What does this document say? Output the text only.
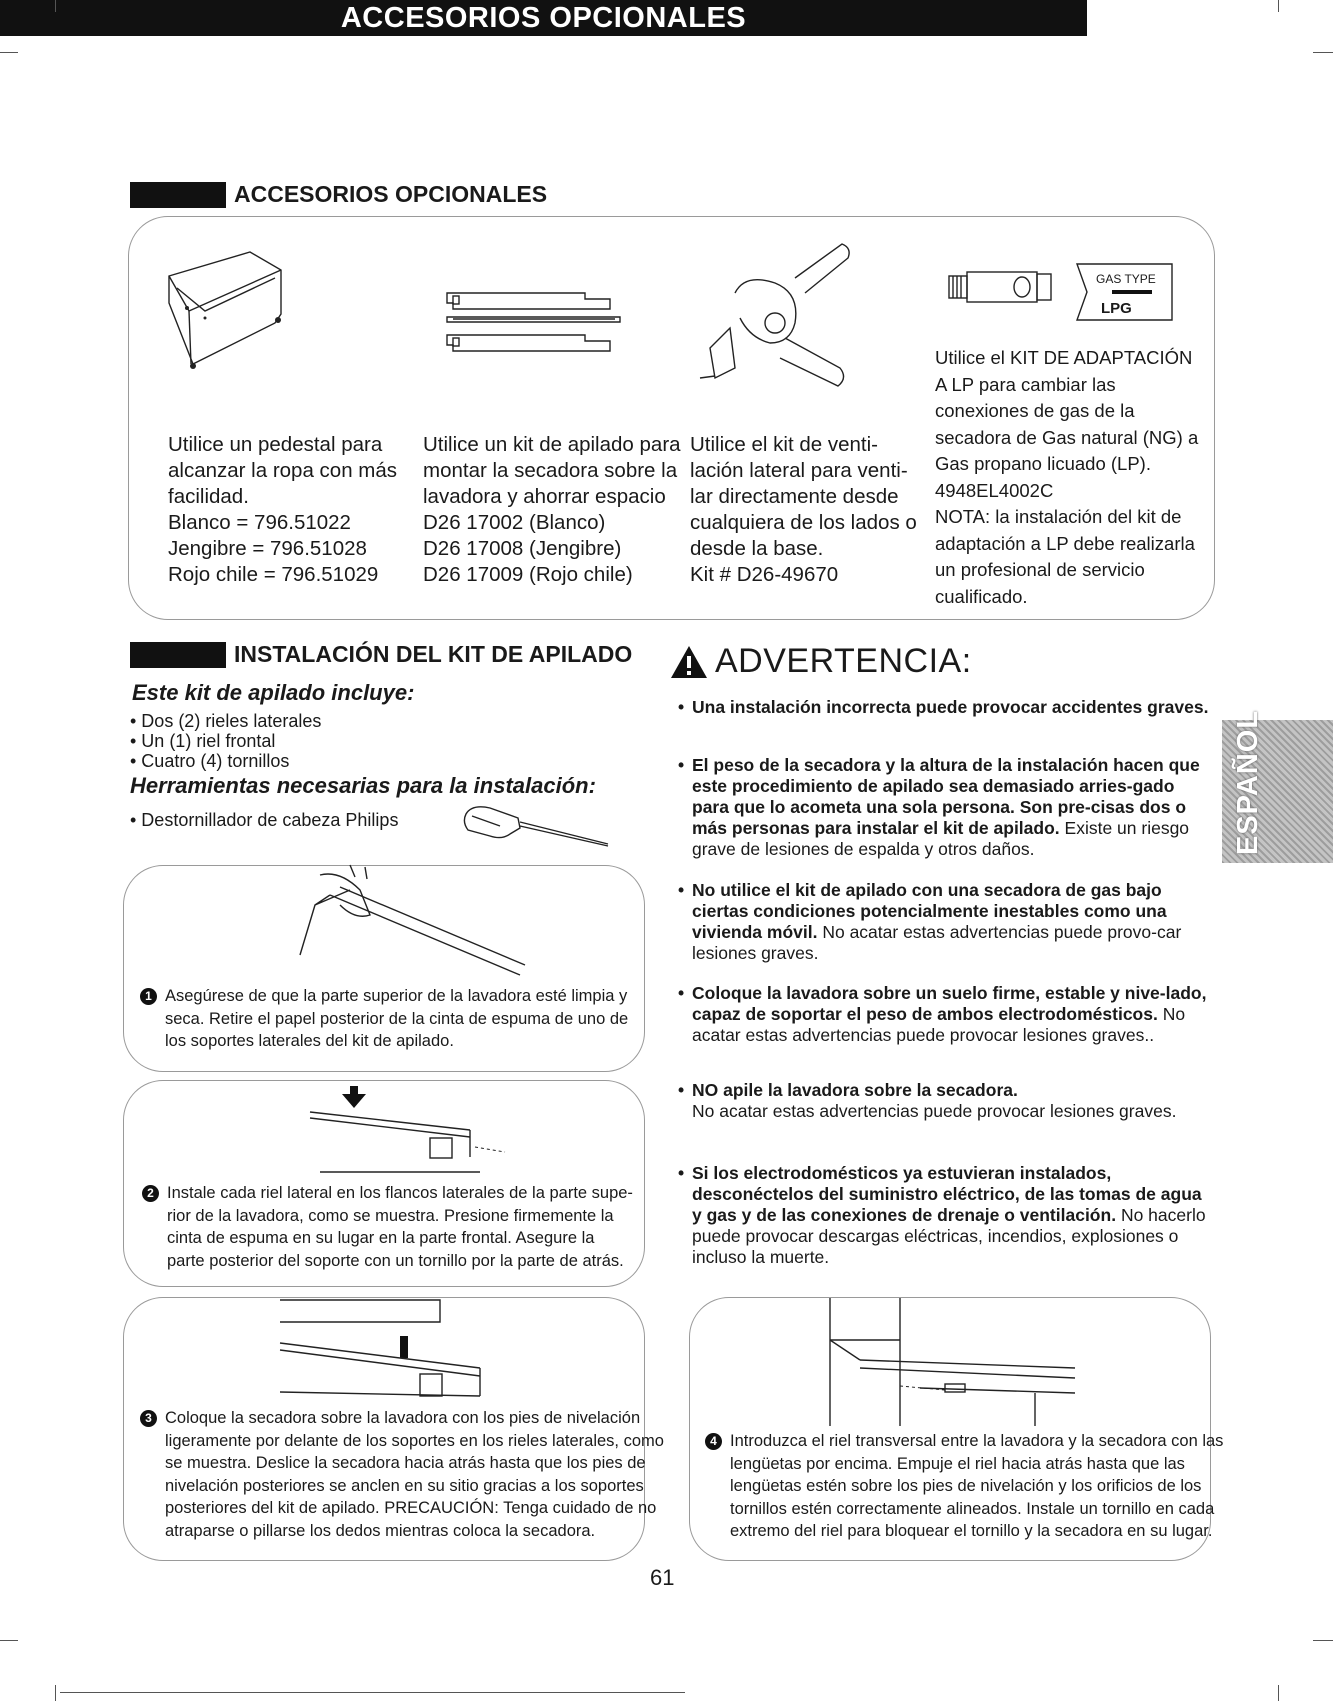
ACCESORIOS OPCIONALES
ACCESORIOS OPCIONALES
GAS TYPE
LPG
Utilice un pedestal para
alcanzar la ropa con más
facilidad.
Blanco = 796.51022
Jengibre = 796.51028
Rojo chile = 796.51029
Utilice un kit de apilado para
montar la secadora sobre la
lavadora y ahorrar espacio
D26 17002 (Blanco)
D26 17008 (Jengibre)
D26 17009 (Rojo chile)
Utilice el kit de venti-
lación lateral para venti-
lar directamente desde
cualquiera de los lados o
desde la base.
Kit # D26-49670
Utilice el KIT DE ADAPTACIÓN
A LP para cambiar las
conexiones de gas de la
secadora de Gas natural (NG) a
Gas propano licuado (LP).
4948EL4002C
NOTA: la instalación del kit de
adaptación a LP debe realizarla
un profesional de servicio
cualificado.
INSTALACIÓN DEL KIT DE APILADO
Este kit de apilado incluye:
• Dos (2) rieles laterales
• Un (1) riel frontal
• Cuatro (4) tornillos
Herramientas necesarias para la instalación:
• Destornillador de cabeza Philips
1 Asegúrese de que la parte superior de la lavadora esté limpia y
seca. Retire el papel posterior de la cinta de espuma de uno de
los soportes laterales del kit de apilado.
2 Instale cada riel lateral en los flancos laterales de la parte supe-
rior de la lavadora, como se muestra. Presione firmemente la
cinta de espuma en su lugar en la parte frontal. Asegure la
parte posterior del soporte con un tornillo por la parte de atrás.
3 Coloque la secadora sobre la lavadora con los pies de nivelación
ligeramente por delante de los soportes en los rieles laterales, como
se muestra. Deslice la secadora hacia atrás hasta que los pies de
nivelación posteriores se anclen en su sitio gracias a los soportes
posteriores del kit de apilado. PRECAUCIÓN: Tenga cuidado de no
atraparse o pillarse los dedos mientras coloca la secadora.
ADVERTENCIA:
• Una instalación incorrecta puede provocar accidentes graves.
• El peso de la secadora y la altura de la instalación hacen que este procedimiento de apilado sea demasiado arries-gado para que lo acometa una sola persona. Son pre-cisas dos o más personas para instalar el kit de apilado. Existe un riesgo grave de lesiones de espalda y otros daños.
• No utilice el kit de apilado con una secadora de gas bajo ciertas condiciones potencialmente inestables como una vivienda móvil. No acatar estas advertencias puede provo-car lesiones graves.
• Coloque la lavadora sobre un suelo firme, estable y nive-lado, capaz de soportar el peso de ambos electrodomésticos. No acatar estas advertencias puede provocar lesiones graves..
• NO apile la lavadora sobre la secadora.
No acatar estas advertencias puede provocar lesiones graves.
• Si los electrodomésticos ya estuvieran instalados, desconéctelos del suministro eléctrico, de las tomas de agua y gas y de las conexiones de drenaje o ventilación. No hacerlo puede provocar descargas eléctricas, incendios, explosiones o incluso la muerte.
4 Introduzca el riel transversal entre la lavadora y la secadora con las
lengüetas por encima. Empuje el riel hacia atrás hasta que las
lengüetas estén sobre los pies de nivelación y los orificios de los
tornillos estén correctamente alineados. Instale un tornillo en cada
extremo del riel para bloquear el tornillo y la secadora en su lugar.
ESPAÑOL
61
